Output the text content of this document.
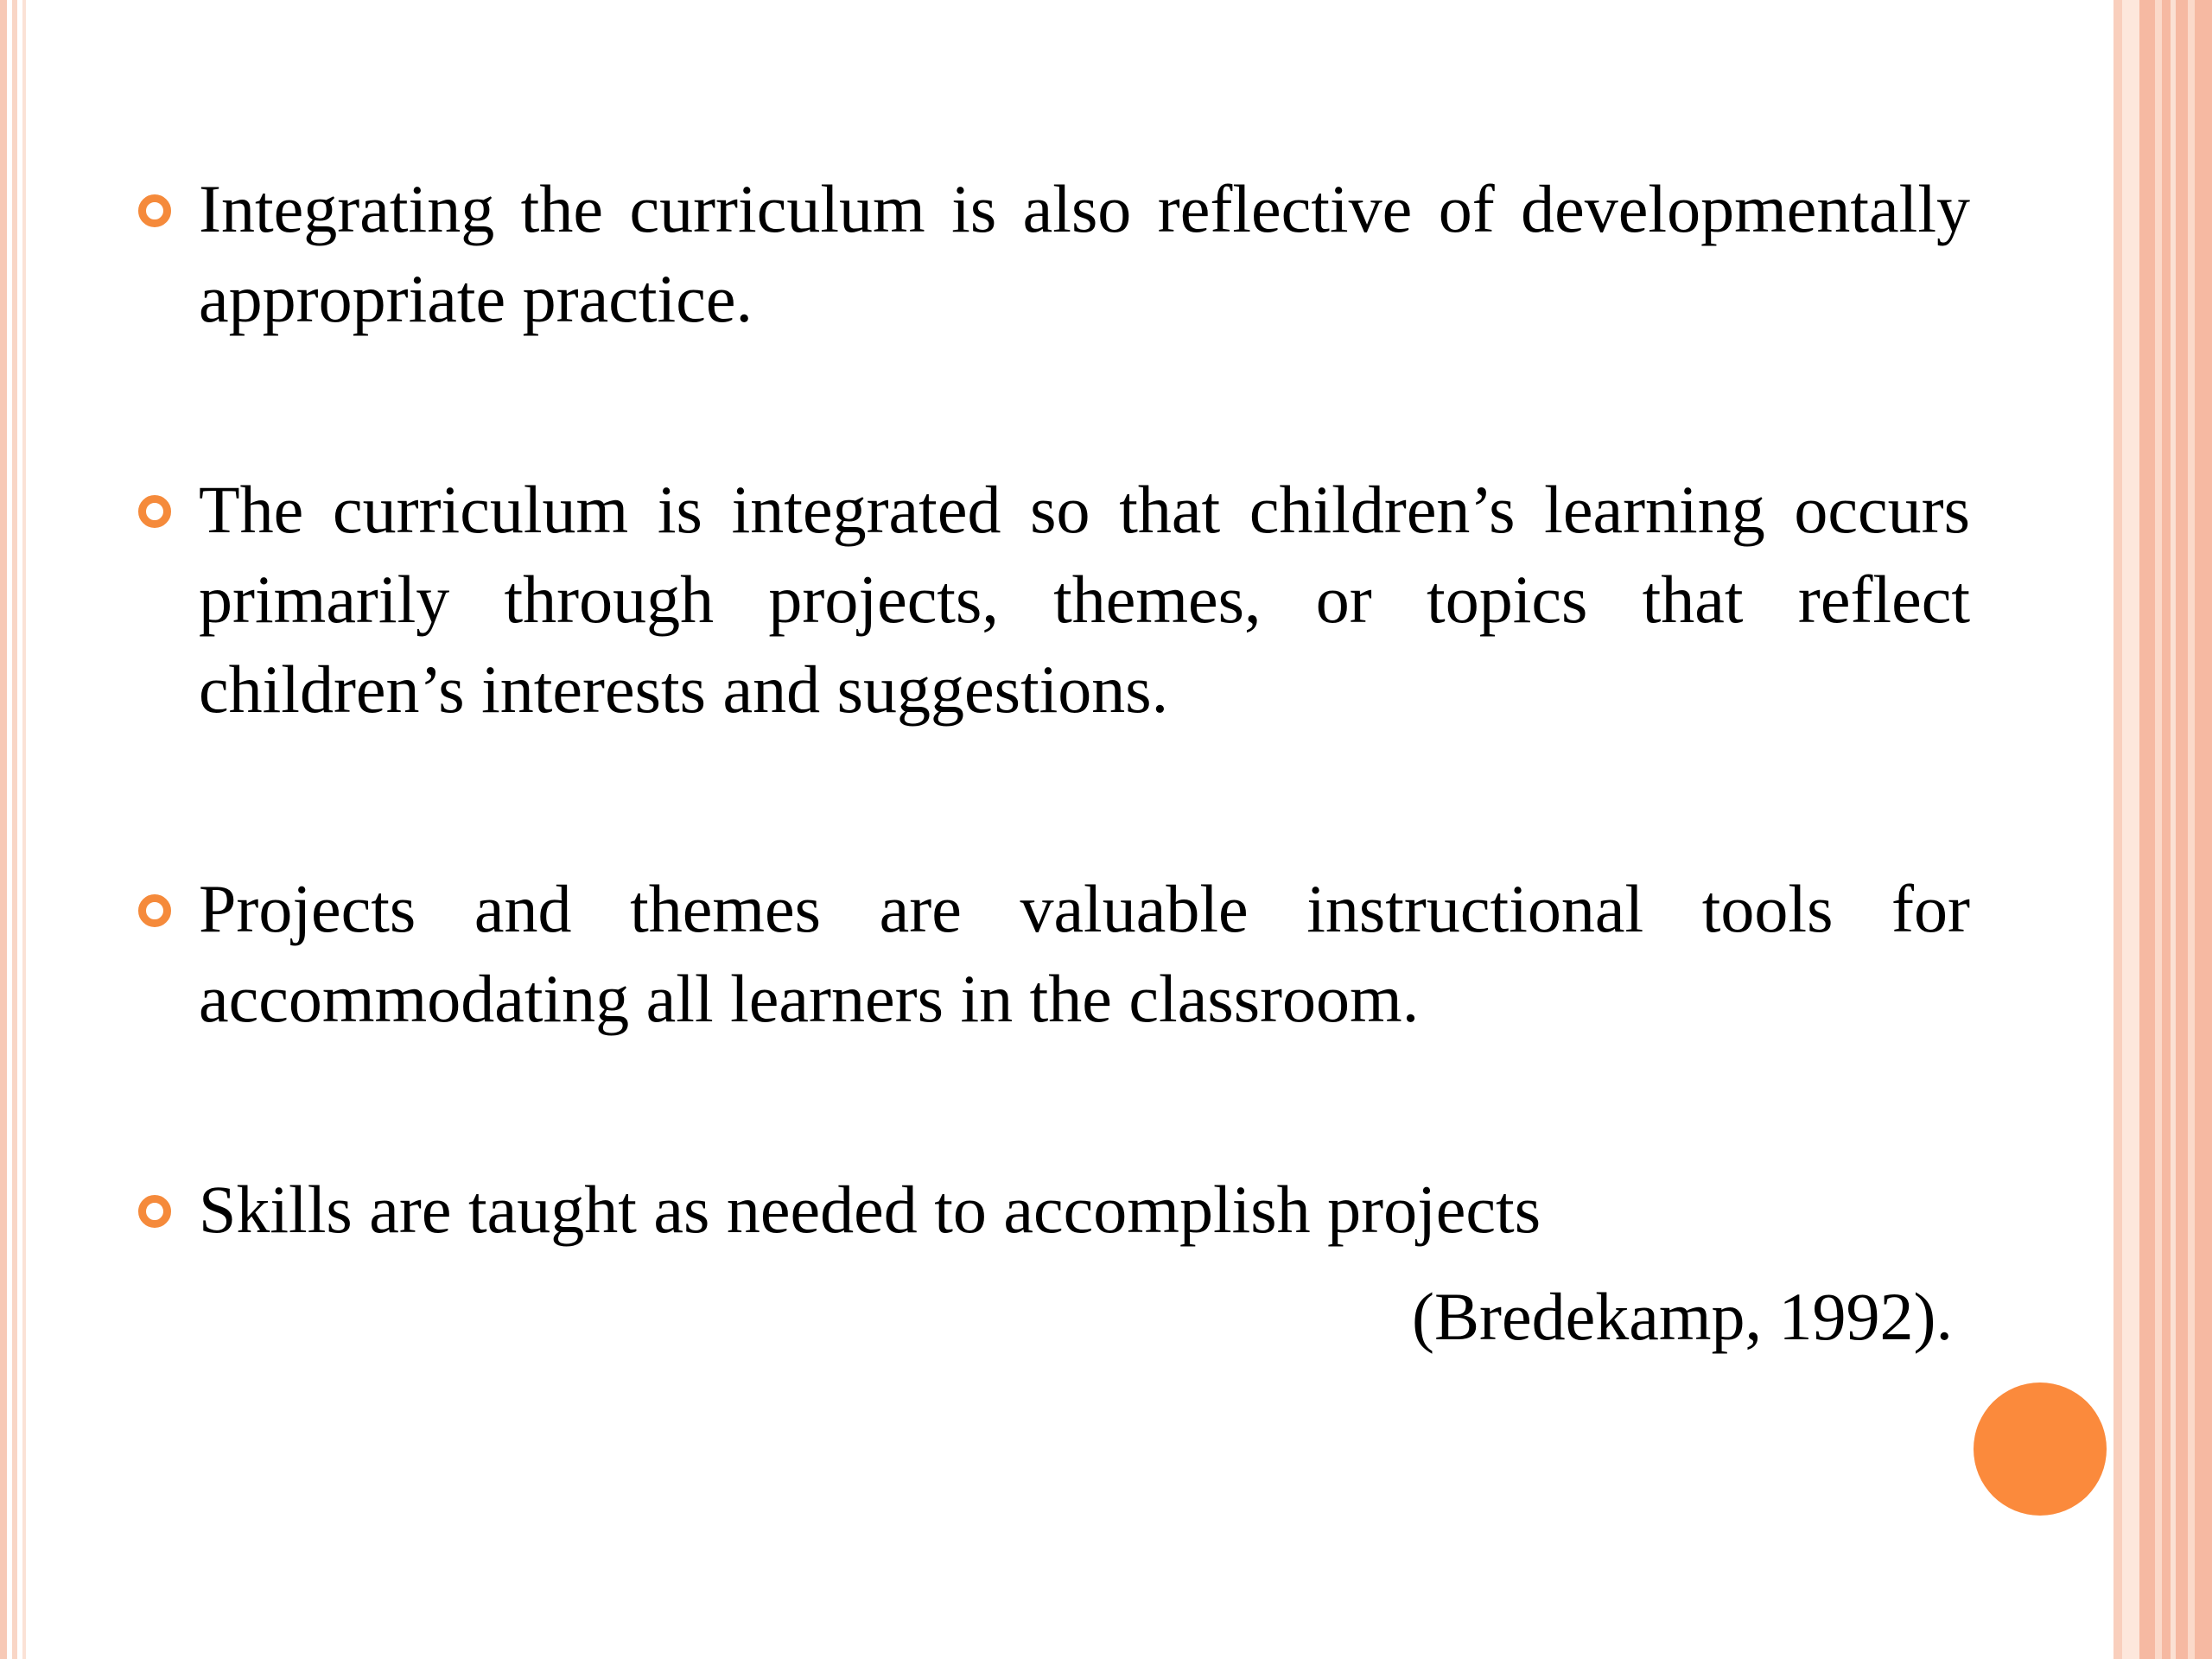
Integrating the curriculum is also reflective of developmentally appropriate practice.
The curriculum is integrated so that children’s learning occurs primarily through projects, themes, or topics that reflect children’s interests and suggestions.
Projects and themes are valuable instructional tools for accommodating all learners in the classroom.
Skills are taught as needed to accomplish projects
(Bredekamp, 1992).
